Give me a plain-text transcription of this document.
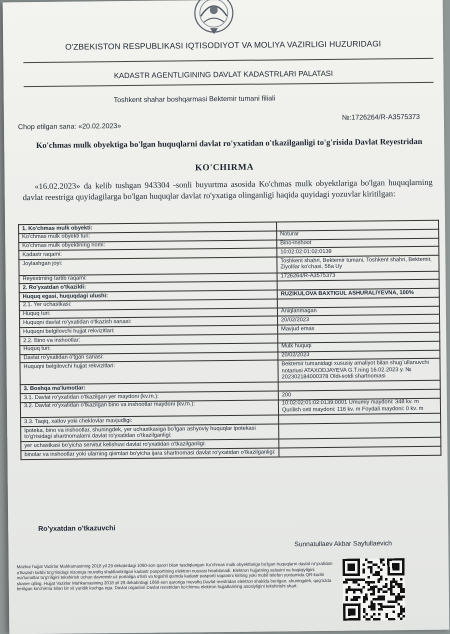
O'ZBEKISTON RESPUBLIKASI IQTISODIYOT VA MOLIYA VAZIRLIGI HUZURIDAGI
KADASTR AGENTLIGINING DAVLAT KADASTRLARI PALATASI
Toshkent shahar boshqarmasi Bektemir tumani filiali
Chop etilgan sana: «20.02.2023»
№:1726264/R-A3575373
Ko'chmas mulk obyektiga bo'lgan huquqlarni davlat ro'yxatidan o'tkazilganligi to'g'risida Davlat Reyestridan
KO'CHIRMA
«16.02.2023» da kelib tushgan 943304 -sonli buyurtma asosida Ko'chmas mulk obyektlariga bo'lgan huquqlarning davlat reestriga quyidagilarga bo'lgan huquqlar davlat ro'yxatiga olinganligi haqida quyidagi yozuvlar kiritilgan:
1. Ko'chmas mulk obyekti:	
Ko'chmas mulk obyekti turi:	Noturar
Ko'chmas mulk obyektining nomi:	Bino-inshoot
Kadastr raqami:	10:02:02:01:02:0139
Joylashgan joyi:	Toshkent shahri, Bektemir tumani, Toshkent shahri, Bektemir, Ziyolilar ko'chasi, 56a Uy
Reyestrning tartib raqami:	1726264/R-A3575373
2. Ro'yxatdan o'tkazildi:	
Huquq egasi, huquqdagi ulushi:	RUZIKULOVA BAXTIGUL ASHURALIYEVNA, 100%
2.1. Yer uchastkasi:	
Huquq turi:	Aniqlanmagan
Huquqni davlat ro'yxatidan o'tkazish sanasi:	20/02/2023
Huquqni belgilovchi hujjat rekvizitlari:	Mavjud emas
2.2. Bino va inshootlar:	
Huquq turi:	Mulk huquqi
Davlat ro'yxatidan o'tgan sanasi:	20/02/2023
Huquqni belgilovchi hujjat rekvizitlari:	Bektemir tumanidagi xususiy amaliyot bilan shug`ullanuvchi notariusi ATAXODJAYEVA G.T.ning 16.02.2023 y. № 20230218400037​8 Oldi-sotdi shartnomasi
3. Boshqa ma'lumotlar:	
3.1. Davlat ro'yxatidan o'tkazilgan yer maydoni (kv.m.):	200
3.2. Davlat ro'yxatidan o'tkazilgan bino va inshootlar maydoni (kv.m.):	10:02:02:01:02:0139:0001 Umumiy maydoni: 348 kv. m Qurilish osti maydoni: 116 kv. m Foydali maydoni: 0 kv. m
3.3. Taqiq, xatlov yoki cheklovlar mavjudligi:	
Ipoteka, bino va inshootlar, shuningdek, yer uchastkasiga bo'lgan ashyoviy huquqlar ipotekasi to'g'risidagi shartnomalarni davlat ro'yxatidan o'tkazilganligi:	
yer uchastkasi bo'yicha servitut kelishuvi davlat ro'yxatidan o'tkazilganligi:	
binolar va inshootlar yoki ularning qismlari bo'yicha ijara shartnomasi davlat ro'yxatidan o'tkazilganligi:	
Ro'yxatdan o'tkazuvchi
Sunnatullaev Akbar Sayfullaevich
Mazkur hujjat Vazirlar Mahkamasining 2018 yil 29 dekabrdagi 1060-son qarori bilan tasdiqlangan Ko'chmas mulk obyektlariga bo'lgan huquqlarni davlat ro'yxatidan o'tkazish tartibi to'g'risidagi nizomga muvofiq shakllantirilgan kadastr pasportining elektron nusxasi hisoblanadi. Elektron hujjatning aslusini va haqiqiyligini ma'lumotlar to'g'riligini tekshirish uchun davreestr.uz portaliga o'tish va tegishli qismda kadastr pasporti raqamini kiriting yoki mobil telefon yordamida QR-kodni skaner qiling. Hujjat Vazirlar Mahkamasining 2018 yil 29 dekabrdagi 1060-son qaroriga muvofiq Davlat reestridan elektron shaklda berilgan, shuningdek, qog'ozda berilgan ko'chirma bilan bir xil yuridik kuchga ega. Davlat organlari Davlat reestridan ko'chirma elektron hujjatlarining asosiyligini tekshirishi shart.
